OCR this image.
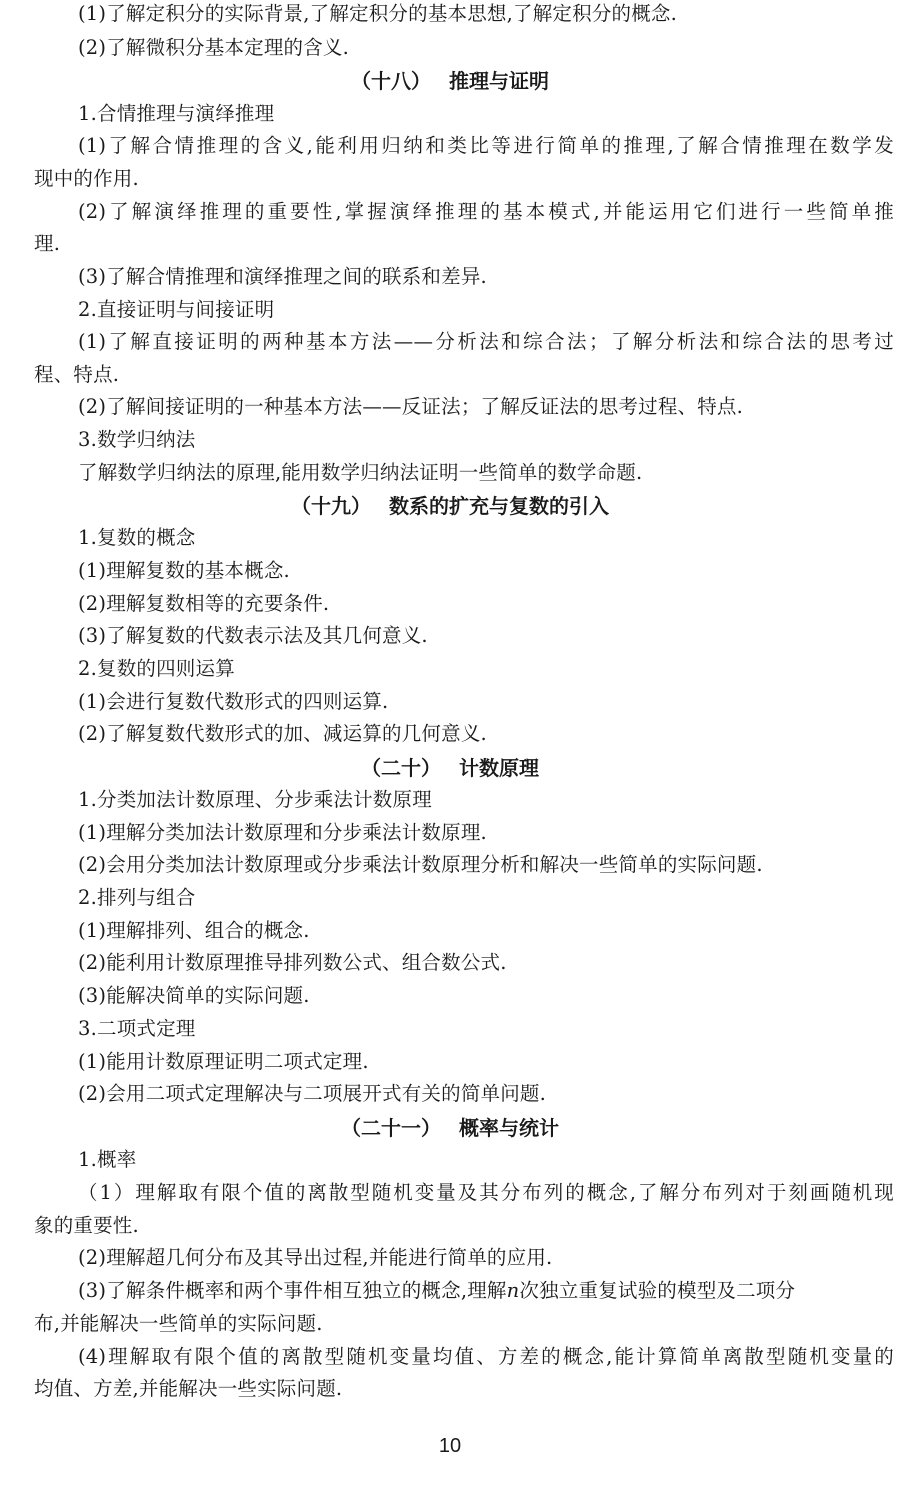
(1)了解定积分的实际背景,了解定积分的基本思想,了解定积分的概念.
(2)了解微积分基本定理的含义.
（十八） 推理与证明
1.合情推理与演绎推理
(1)了解合情推理的含义,能利用归纳和类比等进行简单的推理,了解合情推理在数学发
现中的作用.
(2)了解演绎推理的重要性,掌握演绎推理的基本模式,并能运用它们进行一些简单推
理.
(3)了解合情推理和演绎推理之间的联系和差异.
2.直接证明与间接证明
(1)了解直接证明的两种基本方法——分析法和综合法；了解分析法和综合法的思考过
程、特点.
(2)了解间接证明的一种基本方法——反证法；了解反证法的思考过程、特点.
3.数学归纳法
了解数学归纳法的原理,能用数学归纳法证明一些简单的数学命题.
（十九） 数系的扩充与复数的引入
1.复数的概念
(1)理解复数的基本概念.
(2)理解复数相等的充要条件.
(3)了解复数的代数表示法及其几何意义.
2.复数的四则运算
(1)会进行复数代数形式的四则运算.
(2)了解复数代数形式的加、减运算的几何意义.
（二十） 计数原理
1.分类加法计数原理、分步乘法计数原理
(1)理解分类加法计数原理和分步乘法计数原理.
(2)会用分类加法计数原理或分步乘法计数原理分析和解决一些简单的实际问题.
2.排列与组合
(1)理解排列、组合的概念.
(2)能利用计数原理推导排列数公式、组合数公式.
(3)能解决简单的实际问题.
3.二项式定理
(1)能用计数原理证明二项式定理.
(2)会用二项式定理解决与二项展开式有关的简单问题.
（二十一） 概率与统计
1.概率
（1）理解取有限个值的离散型随机变量及其分布列的概念,了解分布列对于刻画随机现
象的重要性.
(2)理解超几何分布及其导出过程,并能进行简单的应用.
(3)了解条件概率和两个事件相互独立的概念,理解n次独立重复试验的模型及二项分
布,并能解决一些简单的实际问题.
(4)理解取有限个值的离散型随机变量均值、方差的概念,能计算简单离散型随机变量的
均值、方差,并能解决一些实际问题.
10
